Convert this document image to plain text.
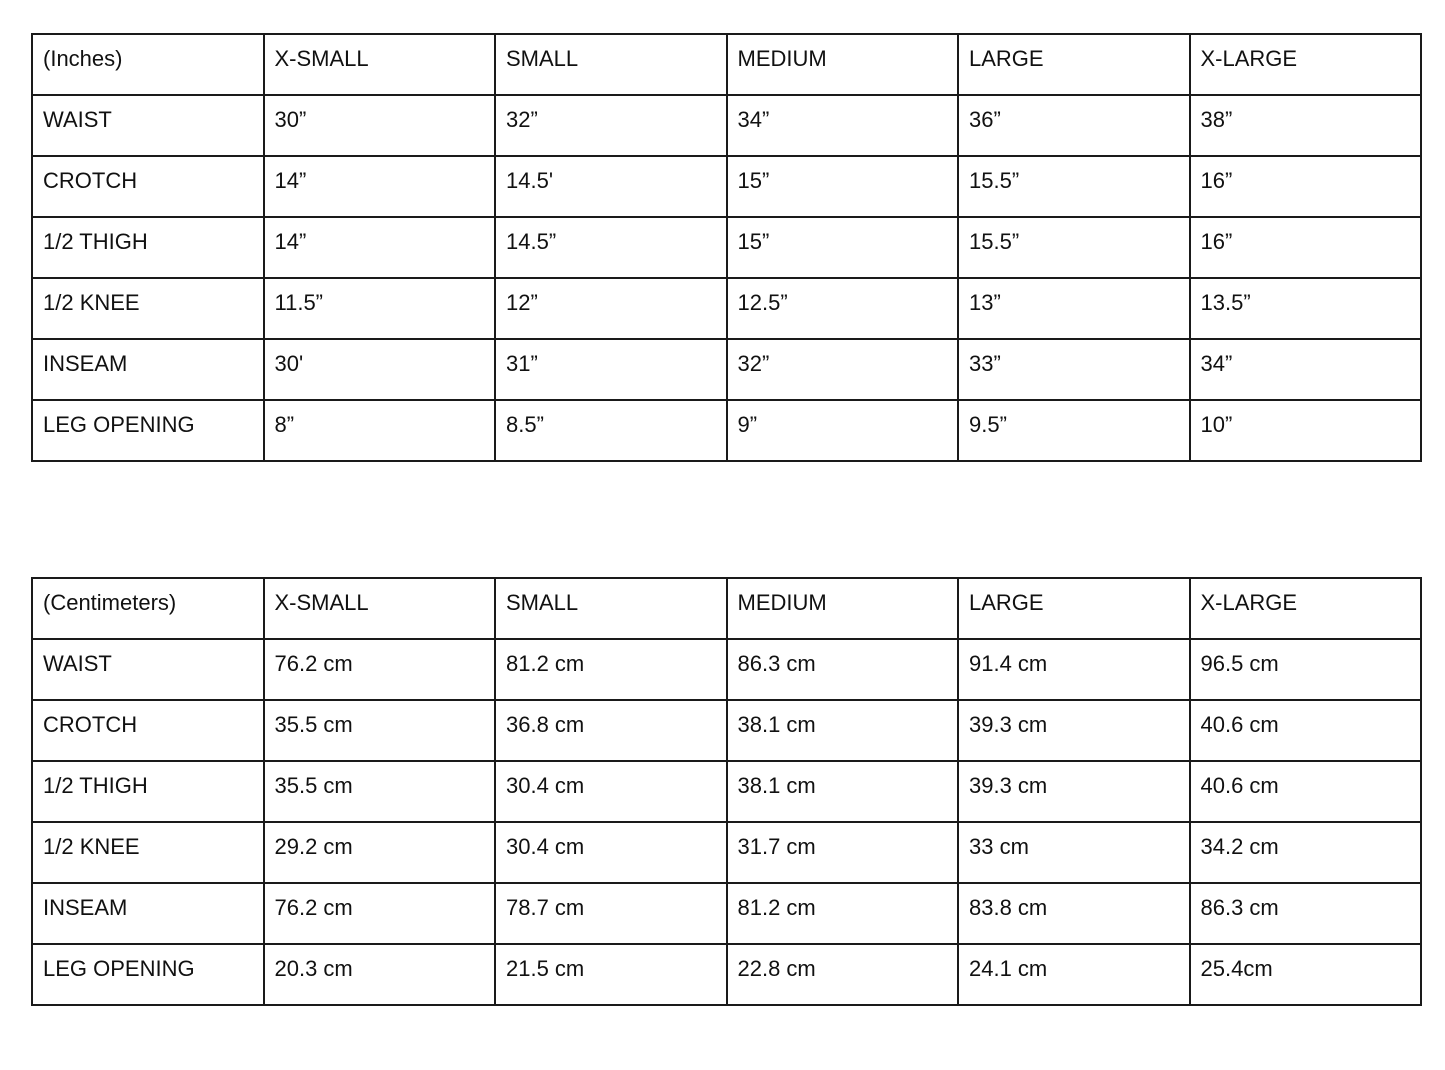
(Inches)	X-SMALL	SMALL	MEDIUM	LARGE	X-LARGE
WAIST	30”	32”	34”	36”	38”
CROTCH	14”	14.5'	15”	15.5”	16”
1/2 THIGH	14”	14.5”	15”	15.5”	16”
1/2 KNEE	11.5”	12”	12.5”	13”	13.5”
INSEAM	30'	31”	32”	33”	34”
LEG OPENING	8”	8.5”	9”	9.5”	10”
(Centimeters)	X-SMALL	SMALL	MEDIUM	LARGE	X-LARGE
WAIST	76.2 cm	81.2 cm	86.3 cm	91.4 cm	96.5 cm
CROTCH	35.5 cm	36.8 cm	38.1 cm	39.3 cm	40.6 cm
1/2 THIGH	35.5 cm	30.4 cm	38.1 cm	39.3 cm	40.6 cm
1/2 KNEE	29.2 cm	30.4 cm	31.7 cm	33 cm	34.2 cm
INSEAM	76.2 cm	78.7 cm	81.2 cm	83.8 cm	86.3 cm
LEG OPENING	20.3 cm	21.5 cm	22.8 cm	24.1 cm	25.4cm
